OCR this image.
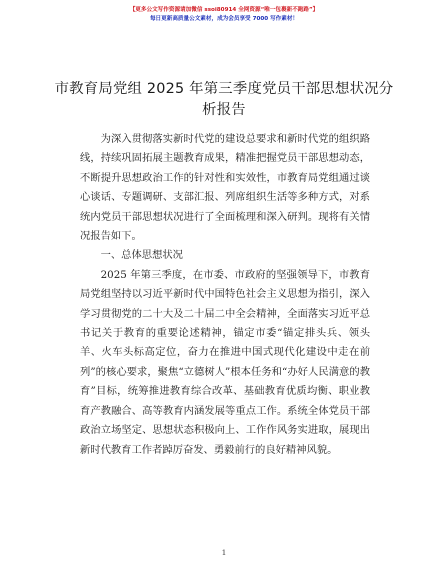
【更多公文写作资源请加微信 ssoi80914 全网资源“唯一包裹新不跑路”】
每日更新高质量公文素材，成为会员享受 7000 写作素材！
市教育局党组 2025 年第三季度党员干部思想状况分析报告

为深入贯彻落实新时代党的建设总要求和新时代党的组织路线，持续巩固拓展主题教育成果，精准把握党员干部思想动态，不断提升思想政治工作的针对性和实效性，市教育局党组通过谈心谈话、专题调研、支部汇报、列席组织生活等多种方式，对系统内党员干部思想状况进行了全面梳理和深入研判。现将有关情况报告如下。

一、总体思想状况

2025 年第三季度，在市委、市政府的坚强领导下，市教育局党组坚持以习近平新时代中国特色社会主义思想为指引，深入学习贯彻党的二十大及二十届二中全会精神，全面落实习近平总书记关于教育的重要论述精神，锚定市委“锚定排头兵、领头羊、火车头标高定位，奋力在推进中国式现代化建设中走在前列”的核心要求，聚焦“立德树人”根本任务和“办好人民满意的教育”目标，统筹推进教育综合改革、基础教育优质均衡、职业教育产教融合、高等教育内涵发展等重点工作。系统全体党员干部政治立场坚定、思想状态积极向上、工作作风务实进取，展现出新时代教育工作者踔厉奋发、勇毅前行的良好精神风貌。

1
